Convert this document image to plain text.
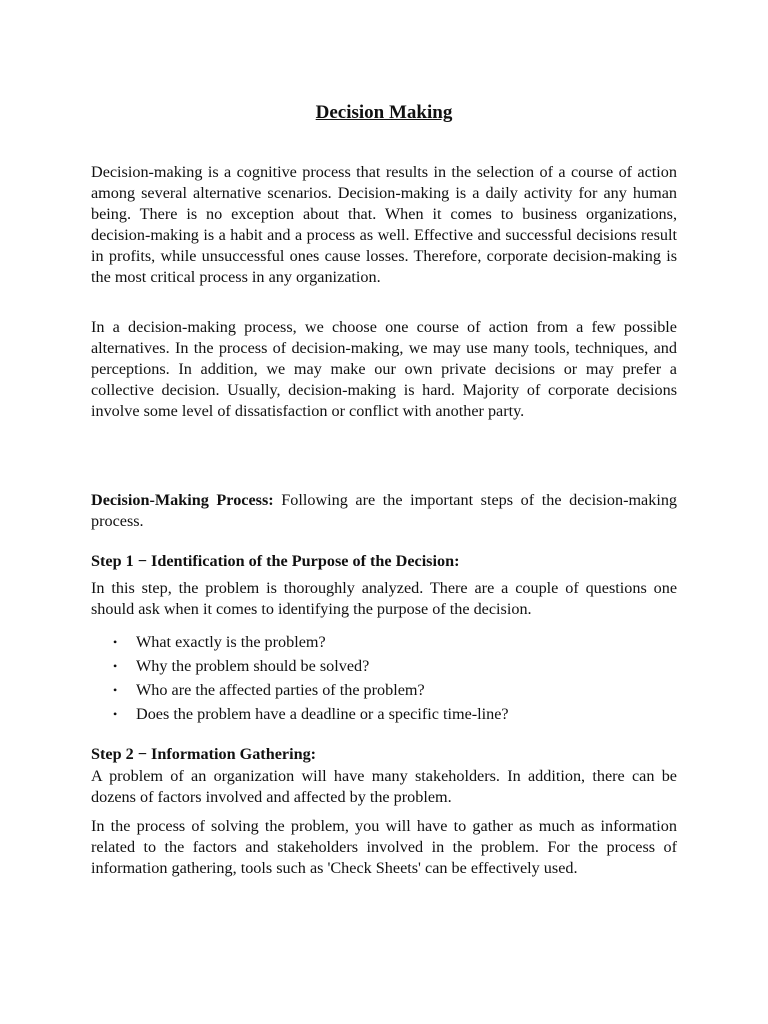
Decision Making

Decision-making is a cognitive process that results in the selection of a course of action among several alternative scenarios. Decision-making is a daily activity for any human being. There is no exception about that. When it comes to business organizations, decision-making is a habit and a process as well. Effective and successful decisions result in profits, while unsuccessful ones cause losses. Therefore, corporate decision-making is the most critical process in any organization.

In a decision-making process, we choose one course of action from a few possible alternatives. In the process of decision-making, we may use many tools, techniques, and perceptions. In addition, we may make our own private decisions or may prefer a collective decision. Usually, decision-making is hard. Majority of corporate decisions involve some level of dissatisfaction or conflict with another party.

Decision-Making Process: Following are the important steps of the decision-making process.

Step 1 − Identification of the Purpose of the Decision:

In this step, the problem is thoroughly analyzed. There are a couple of questions one should ask when it comes to identifying the purpose of the decision.

• What exactly is the problem?
• Why the problem should be solved?
• Who are the affected parties of the problem?
• Does the problem have a deadline or a specific time-line?

Step 2 − Information Gathering:

A problem of an organization will have many stakeholders. In addition, there can be dozens of factors involved and affected by the problem.

In the process of solving the problem, you will have to gather as much as information related to the factors and stakeholders involved in the problem. For the process of information gathering, tools such as 'Check Sheets' can be effectively used.
